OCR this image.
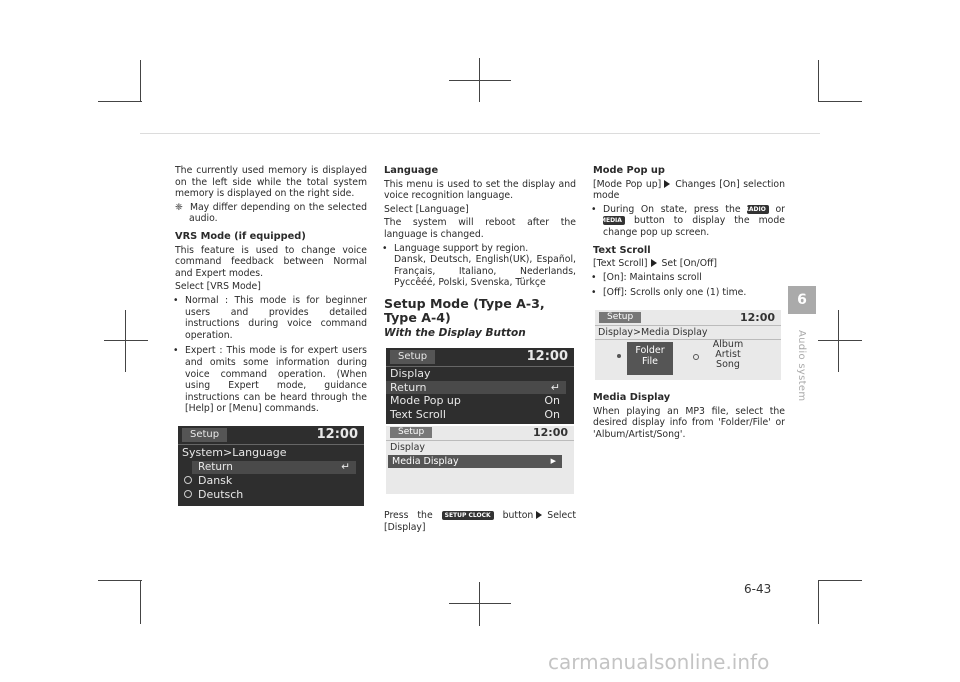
The currently used memory is displayed on the left side while the total system memory is displayed on the right side.

❈ May differ depending on the selected audio.

VRS Mode (if equipped)

This feature is used to change voice command feedback between Normal and Expert modes.

Select [VRS Mode]

• Normal : This mode is for beginner users and provides detailed instructions during voice command operation.

• Expert : This mode is for expert users and omits some information during voice command operation. (When using Expert mode, guidance instructions can be heard through the [Help] or [Menu] commands.

Setup	12:00
System>Language
Return	↵
Dansk
Deutsch
Language

This menu is used to set the display and voice recognition language.

Select [Language]

The system will reboot after the language is changed.

• Language support by region.
Dansk, Deutsch, English(UK), Español, Français, Italiano, Nederlands, Pyccêéé, Polski, Svenska, Türkçe

Setup Mode (Type A-3, Type A-4)
With the Display Button
Setup	12:00
Display
Return	↵
Mode Pop up	On
Text Scroll	On
Setup	12:00
Display
Media Display	▶

Press the SETUP CLOCK button Select [Display]

Mode Pop up

[Mode Pop up] Changes [On] selection mode

• During On state, press the RADIO or MEDIA button to display the mode change pop up screen.

Text Scroll

[Text Scroll] Set [On/Off]

• [On]: Maintains scroll

• [Off]: Scrolls only one (1) time.

Setup	12:00
Display>Media Display
Folder
File
Album
Artist
Song
Media Display

When playing an MP3 file, select the desired display info from 'Folder/File' or 'Album/Artist/Song'.

6
Audio system
6-43
carmanualsonline.info
